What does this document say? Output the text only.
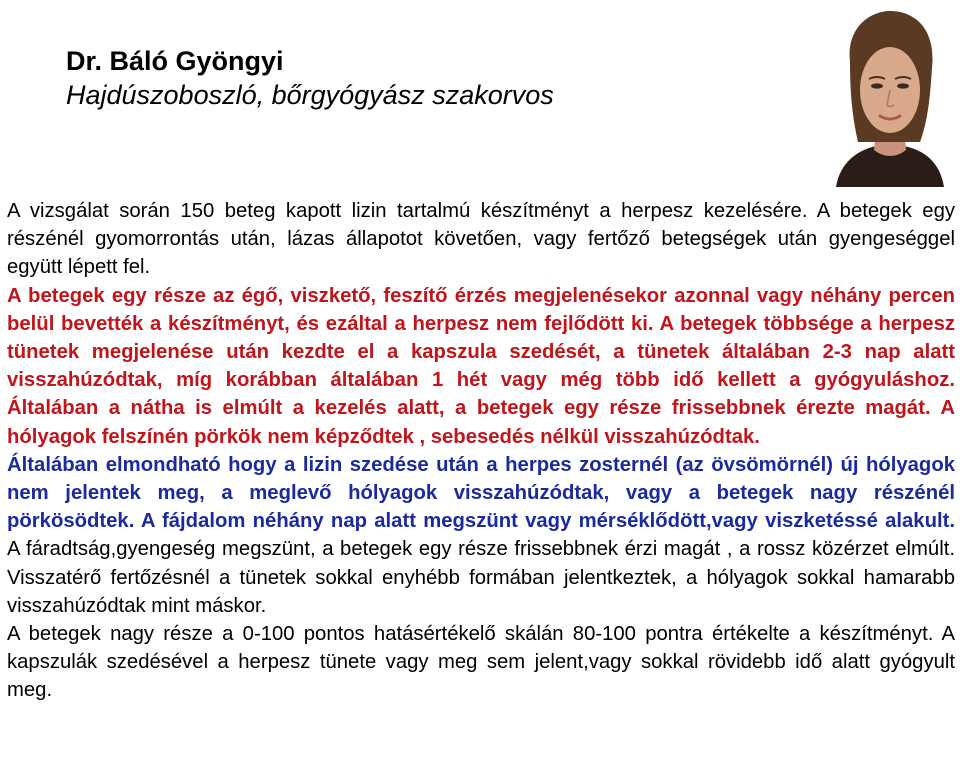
Dr. Báló Gyöngyi
Hajdúszoboszló, bőrgyógyász szakorvos

A vizsgálat során 150 beteg kapott lizin tartalmú készítményt a herpesz kezelésére. A betegek egy részénél gyomorrontás után, lázas állapotot követően, vagy fertőző betegségek után gyengeséggel együtt lépett fel.

A betegek egy része az égő, viszkető, feszítő érzés megjelenésekor azonnal vagy néhány percen belül bevették a készítményt, és ezáltal a herpesz nem fejlődött ki. A betegek többsége a herpesz tünetek megjelenése után kezdte el a kapszula szedését, a tünetek általában 2-3 nap alatt visszahúzódtak, míg korábban általában 1 hét vagy még több idő kellett a gyógyuláshoz. Általában a nátha is elmúlt a kezelés alatt, a betegek egy része frissebbnek érezte magát. A hólyagok felszínén pörkök nem képződtek , sebesedés nélkül visszahúzódtak.

Általában elmondható hogy a lizin szedése után a herpes zosternél (az övsömörnél) új hólyagok nem jelentek meg, a meglevő hólyagok visszahúzódtak, vagy a betegek nagy részénél pörkösödtek. A fájdalom néhány nap alatt megszünt vagy mérséklődött,vagy viszketéssé alakult. A fáradtság,gyengeség megszünt, a betegek egy része frissebbnek érzi magát , a rossz közérzet elmúlt. Visszatérő fertőzésnél a tünetek sokkal enyhébb formában jelentkeztek, a hólyagok sokkal hamarabb visszahúzódtak mint máskor.

A betegek nagy része a 0-100 pontos hatásértékelő skálán 80-100 pontra értékelte a készítményt. A kapszulák szedésével a herpesz tünete vagy meg sem jelent,vagy sokkal rövidebb idő alatt gyógyult meg.
